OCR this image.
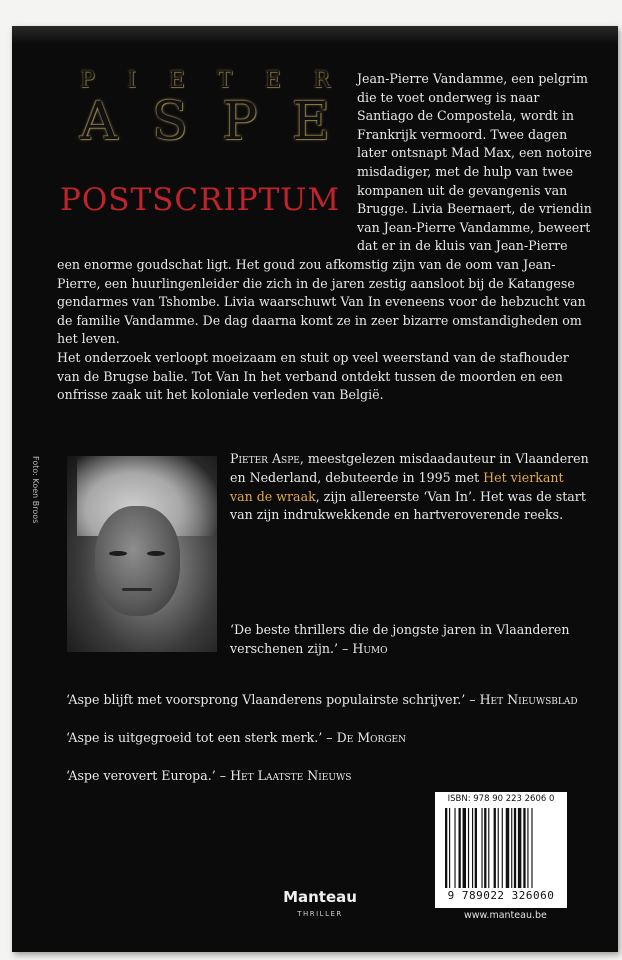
P I E T E R
A S P E
POSTSCRIPTUM

Jean-Pierre Vandamme, een pelgrim die te voet onderweg is naar Santiago de Compostela, wordt in Frankrijk vermoord. Twee dagen later ontsnapt Mad Max, een notoire misdadiger, met de hulp van twee kompanen uit de gevangenis van Brugge. Livia Beernaert, de vriendin van Jean-Pierre Vandamme, beweert dat er in de kluis van Jean-Pierre een enorme goudschat ligt. Het goud zou afkomstig zijn van de oom van Jean-Pierre, een huurlingenleider die zich in de jaren zestig aansloot bij de Katangese gendarmes van Tshombe. Livia waarschuwt Van In eveneens voor de hebzucht van de familie Vandamme. De dag daarna komt ze in zeer bizarre omstandigheden om het leven.

Het onderzoek verloopt moeizaam en stuit op veel weerstand van de stafhouder van de Brugse balie. Tot Van In het verband ontdekt tussen de moorden en een onfrisse zaak uit het koloniale verleden van België.

Foto: Koen Broos	Pieter Aspe, meestgelezen misdaadauteur in Vlaanderen en Nederland, debuteerde in 1995 met Het vierkant van de wraak, zijn allereerste ‘Van In’. Het was de start van zijn indrukwekkende en hartveroverende reeks.
‘De beste thrillers die de jongste jaren in Vlaanderen verschenen zijn.’ – Humo
‘Aspe blijft met voorsprong Vlaanderens populairste schrijver.’ – Het Nieuwsblad
‘Aspe is uitgegroeid tot een sterk merk.’ – De Morgen
‘Aspe verovert Europa.’ – Het Laatste Nieuws
ISBN: 978 90 223 2606 0
9 789022 326060
Manteau
THRILLER	www.manteau.be
